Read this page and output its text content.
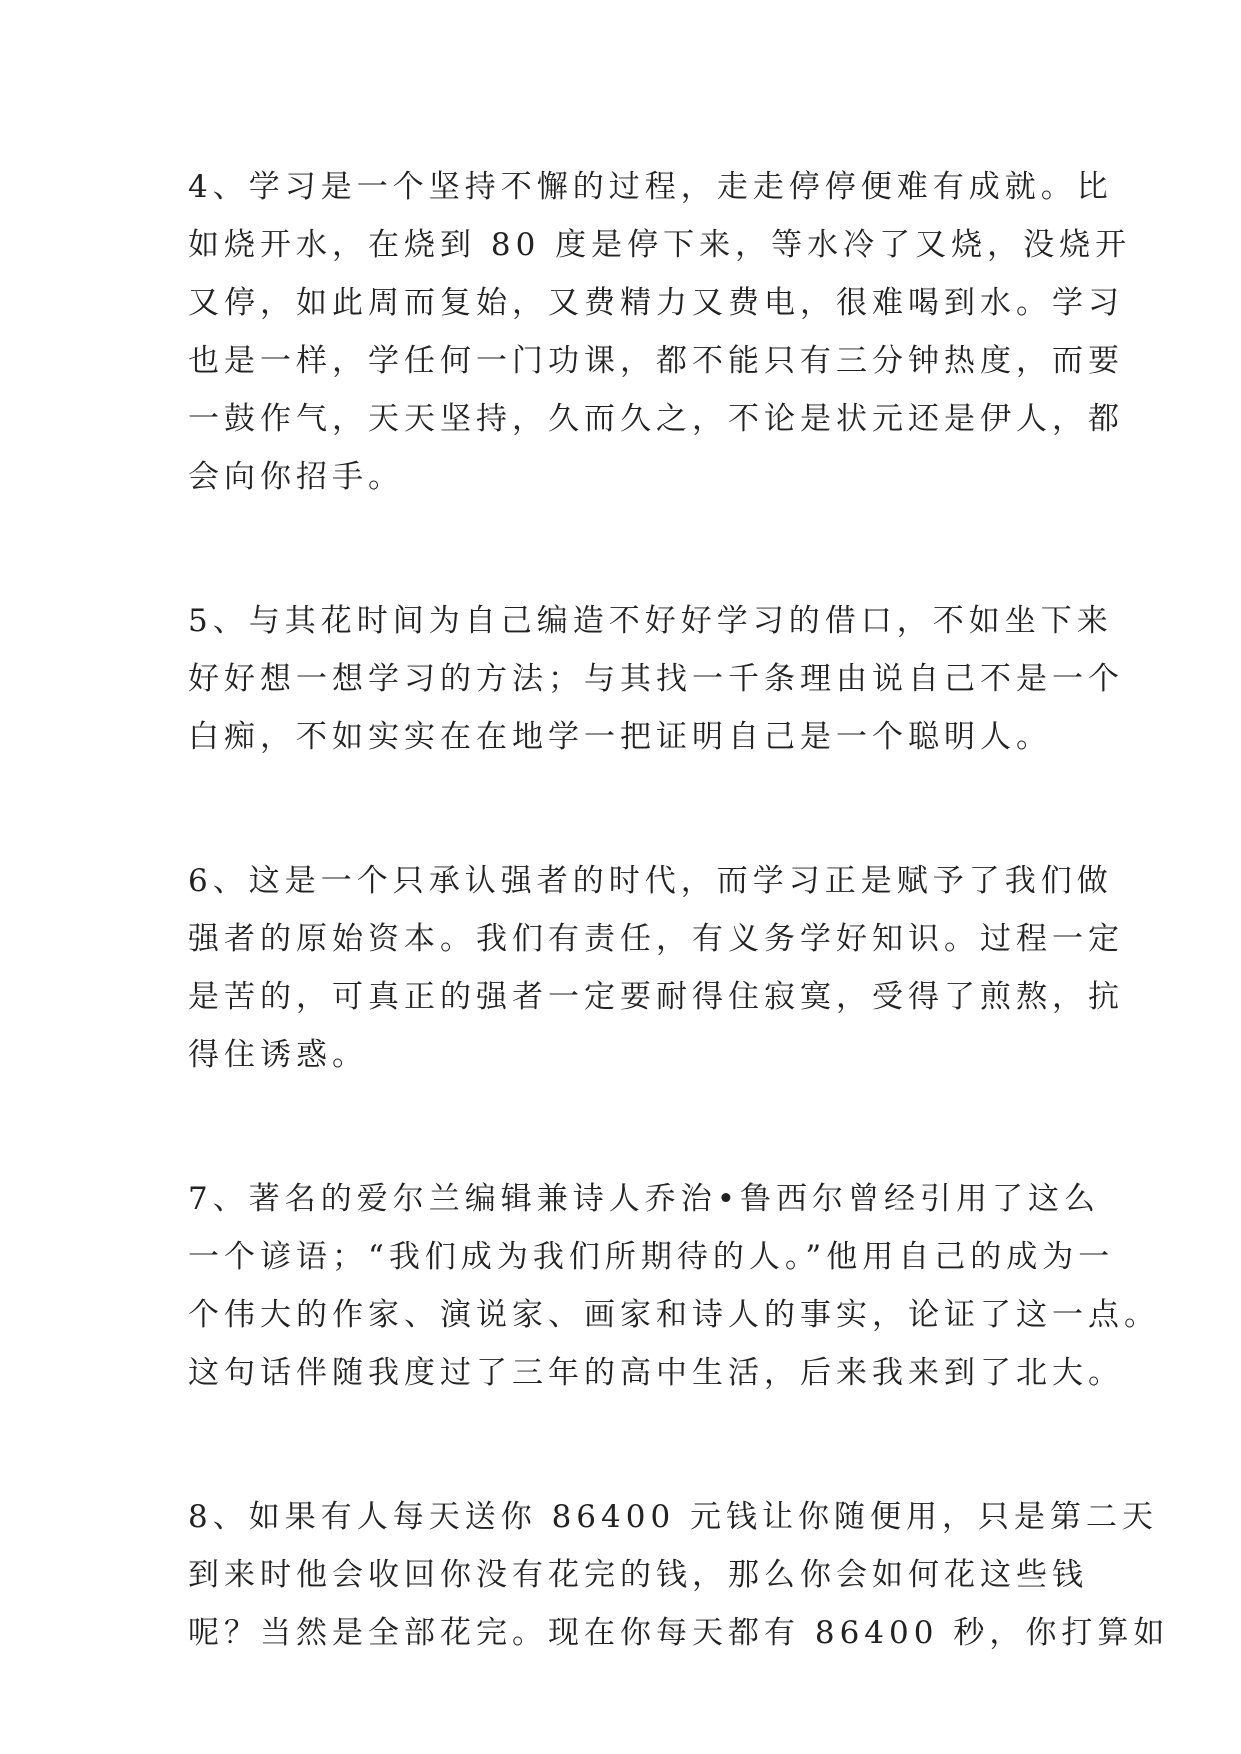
4、学习是一个坚持不懈的过程，走走停停便难有成就。比
如烧开水，在烧到 80 度是停下来，等水冷了又烧，没烧开
又停，如此周而复始，又费精力又费电，很难喝到水。学习
也是一样，学任何一门功课，都不能只有三分钟热度，而要
一鼓作气，天天坚持，久而久之，不论是状元还是伊人，都
会向你招手。

5、与其花时间为自己编造不好好学习的借口，不如坐下来
好好想一想学习的方法；与其找一千条理由说自己不是一个
白痴，不如实实在在地学一把证明自己是一个聪明人。

6、这是一个只承认强者的时代，而学习正是赋予了我们做
强者的原始资本。我们有责任，有义务学好知识。过程一定
是苦的，可真正的强者一定要耐得住寂寞，受得了煎熬，抗
得住诱惑。

7、著名的爱尔兰编辑兼诗人乔治•鲁西尔曾经引用了这么
一个谚语；“我们成为我们所期待的人。”他用自己的成为一
个伟大的作家、演说家、画家和诗人的事实，论证了这一点。
这句话伴随我度过了三年的高中生活，后来我来到了北大。

8、如果有人每天送你 86400 元钱让你随便用，只是第二天
到来时他会收回你没有花完的钱，那么你会如何花这些钱
呢？当然是全部花完。现在你每天都有 86400 秒，你打算如
